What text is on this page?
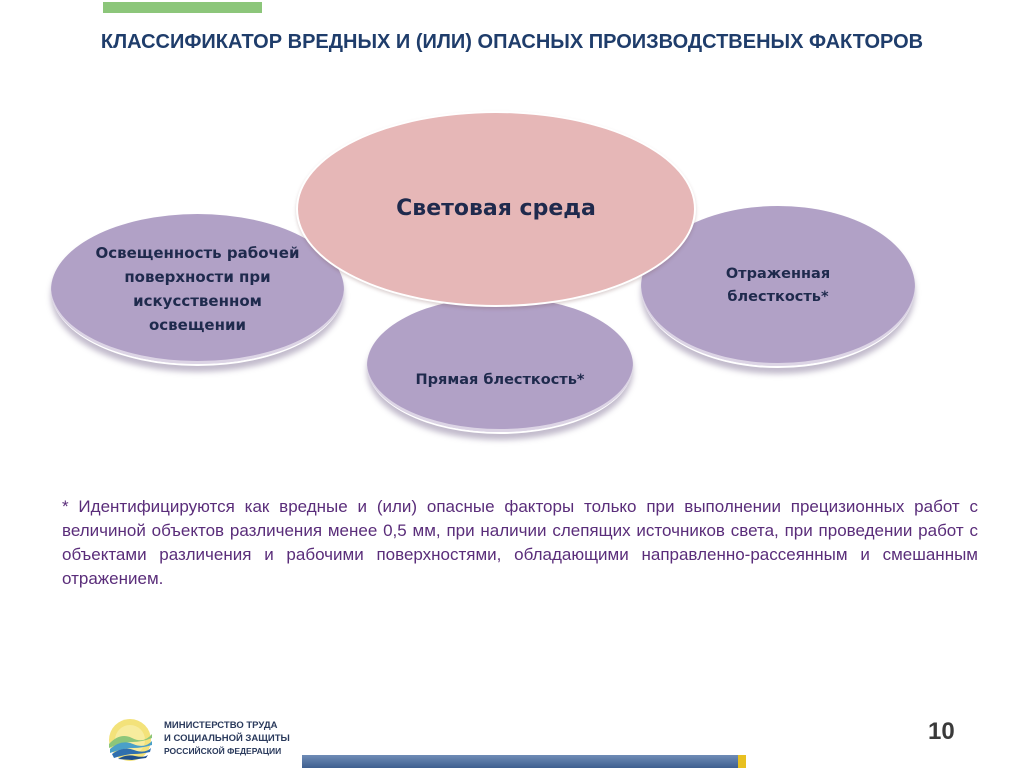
КЛАССИФИКАТОР ВРЕДНЫХ И (ИЛИ) ОПАСНЫХ ПРОИЗВОДСТВЕНЫХ ФАКТОРОВ
Освещенность рабочей поверхности при искусственном освещении
Отраженная блесткость*
Прямая блесткость*
Световая среда

* Идентифицируются как вредные и (или) опасные факторы только при выполнении прецизионных работ с величиной объектов различения менее 0,5 мм, при наличии слепящих источников света, при проведении работ с объектами различения и рабочими поверхностями, обладающими направленно-рассеянным и смешанным отражением.

МИНИСТЕРСТВО ТРУДА
И СОЦИАЛЬНОЙ ЗАЩИТЫ
РОССИЙСКОЙ ФЕДЕРАЦИИ
10
